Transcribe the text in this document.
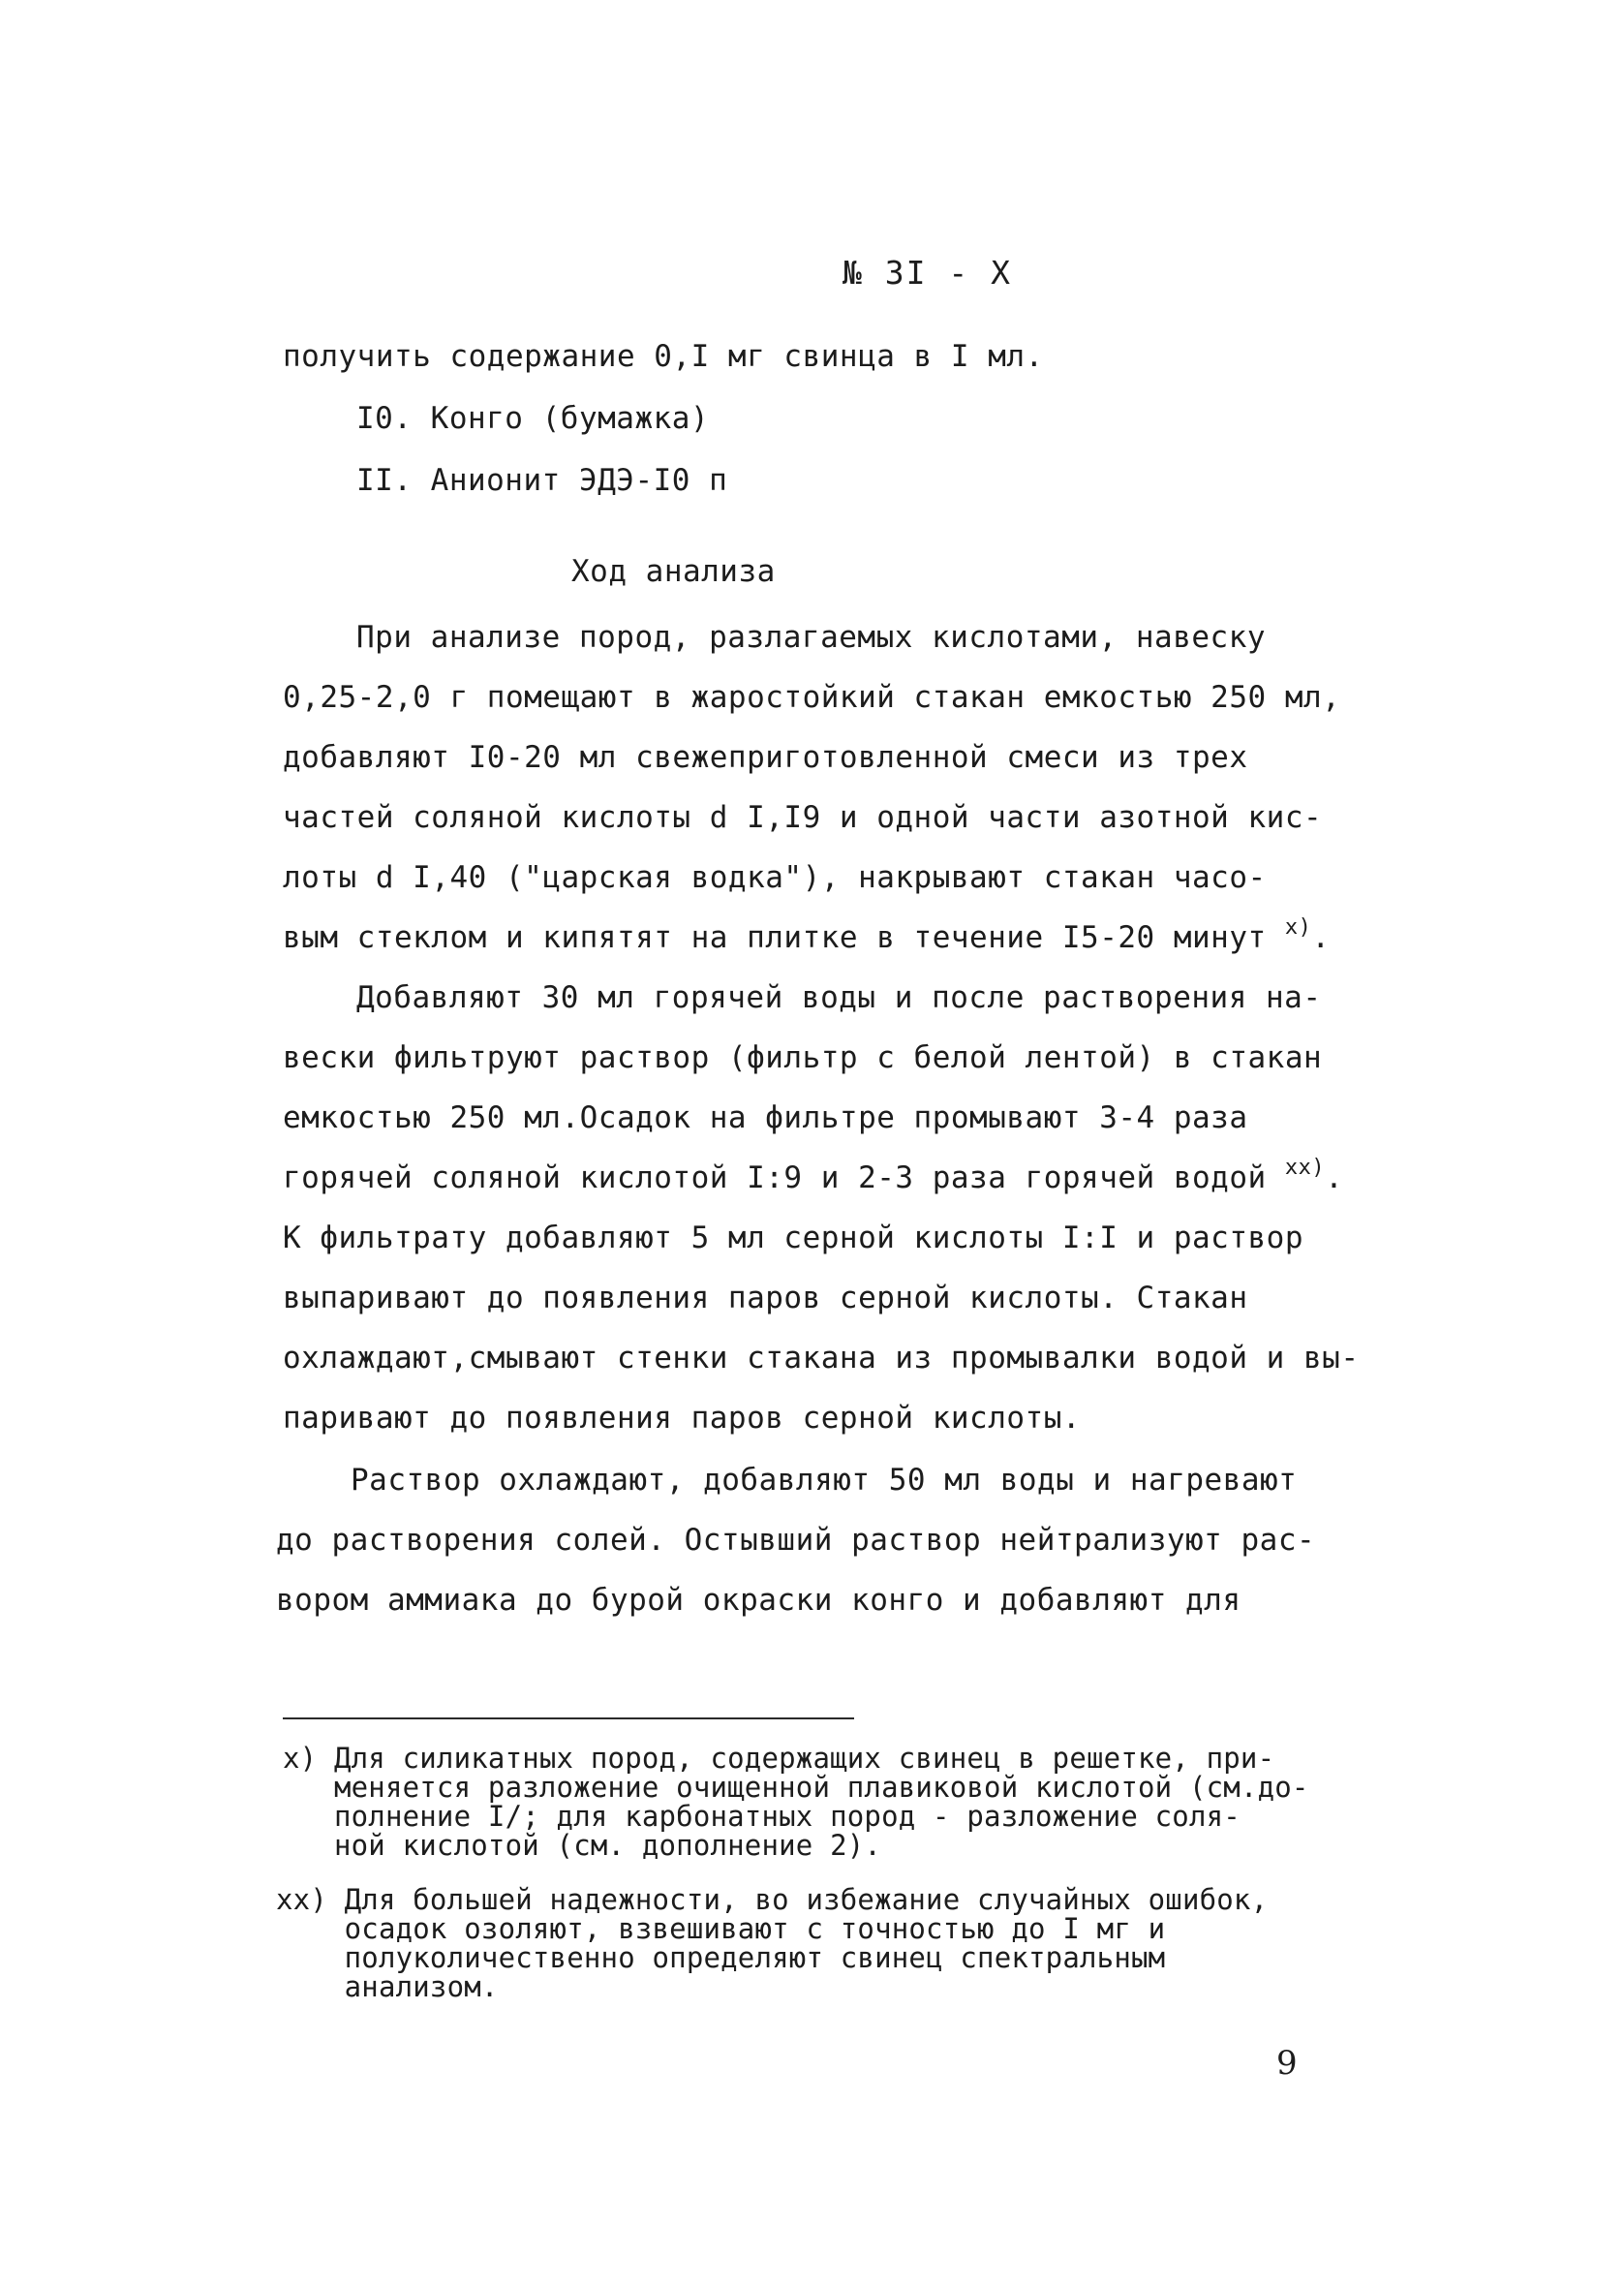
№ 3I - X
получить содержание 0,I мг свинца в I мл.
I0. Конго (бумажка)
II. Анионит ЭДЭ-I0 п
Ход анализа
При анализе пород, разлагаемых кислотами, навеску
0,25-2,0 г помещают в жаростойкий стакан емкостью 250 мл,
добавляют I0-20 мл свежеприготовленной смеси из трех
частей соляной кислоты d I,I9 и одной части азотной кис-
лоты d I,40 ("царская водка"), накрывают стакан часо-
вым стеклом и кипятят на плитке в течение I5-20 минут $^{x)}$.
Добавляют 30 мл горячей воды и после растворения на-
вески фильтруют раствор (фильтр с белой лентой) в стакан
емкостью 250 мл.Осадок на фильтре промывают 3-4 раза
горячей соляной кислотой I:9 и 2-3 раза горячей водой $^{xx)}$.
К фильтрату добавляют 5 мл серной кислоты I:I и раствор
выпаривают до появления паров серной кислоты. Стакан
охлаждают,смывают стенки стакана из промывалки водой и вы-
паривают до появления паров серной кислоты.
Раствор охлаждают, добавляют 50 мл воды и нагревают
до растворения солей. Остывший раствор нейтрализуют рас-
вором аммиака до бурой окраски конго и добавляют для
x) Для силикатных пород, содержащих свинец в решетке, при-
меняется разложение очищенной плавиковой кислотой (см.до-
полнение I/; для карбонатных пород - разложение соля-
ной кислотой (см. дополнение 2).
xx) Для большей надежности, во избежание случайных ошибок,
осадок озоляют, взвешивают с точностью до I мг и
полуколичественно определяют свинец спектральным
анализом.
9
